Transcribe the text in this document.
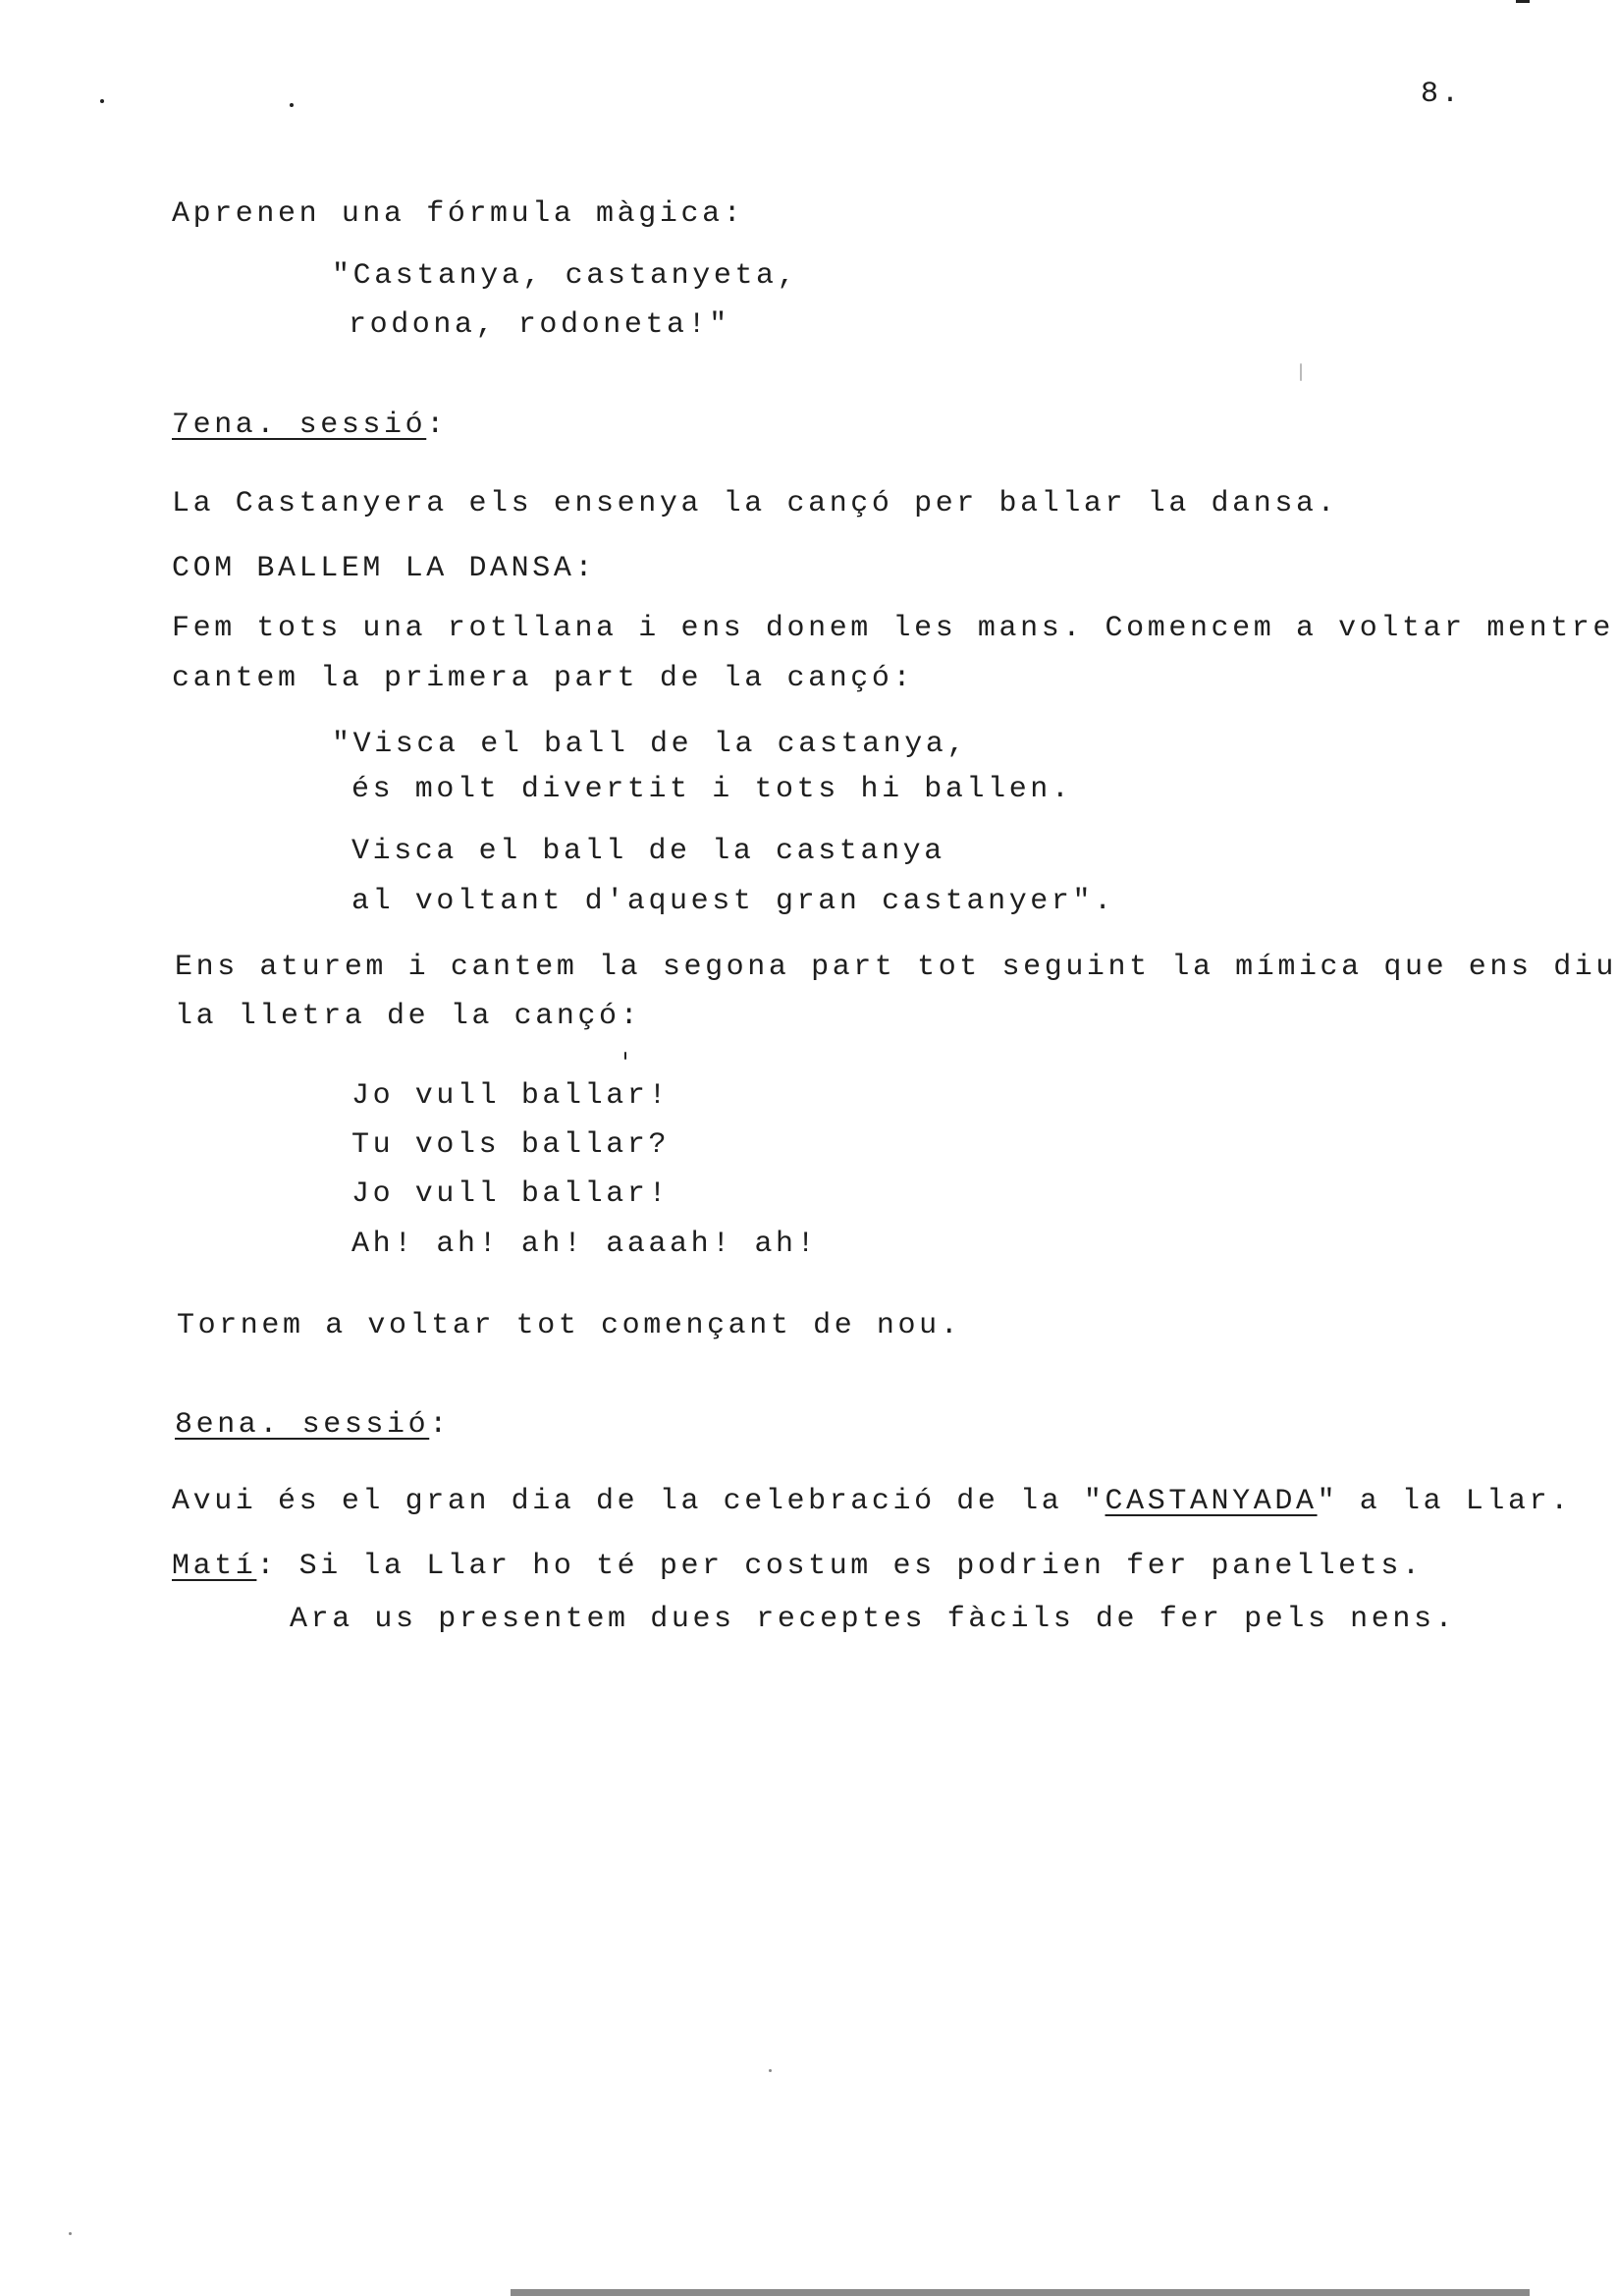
8.
Aprenen una fórmula màgica:
"Castanya, castanyeta,
rodona, rodoneta!"
7ena. sessió:
La Castanyera els ensenya la cançó per ballar la dansa.
COM BALLEM LA DANSA:
Fem tots una rotllana i ens donem les mans. Comencem a voltar mentre
cantem la primera part de la cançó:
"Visca el ball de la castanya,
és molt divertit i tots hi ballen.
Visca el ball de la castanya
al voltant d'aquest gran castanyer".
Ens aturem i cantem la segona part tot seguint la mímica que ens diu
la lletra de la cançó:
Jo vull ballar!
Tu vols ballar?
Jo vull ballar!
Ah! ah! ah! aaaah! ah!
Tornem a voltar tot començant de nou.
8ena. sessió:
Avui és el gran dia de la celebració de la "CASTANYADA" a la Llar.
Matí: Si la Llar ho té per costum es podrien fer panellets.
Ara us presentem dues receptes fàcils de fer pels nens.
